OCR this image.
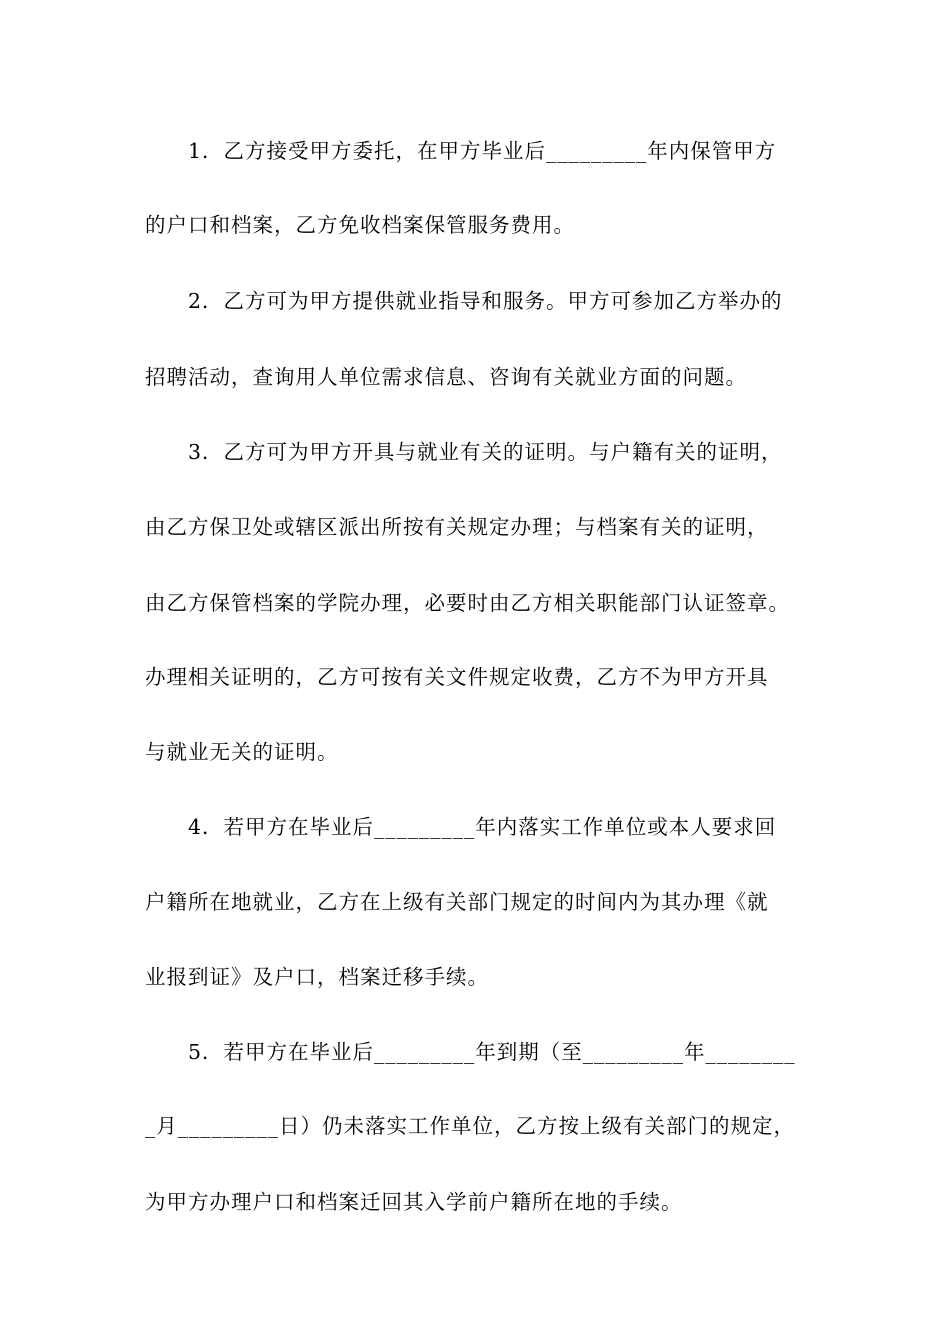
　　1．乙方接受甲方委托，在甲方毕业后_________年内保管甲方
的户口和档案，乙方免收档案保管服务费用。
　　2．乙方可为甲方提供就业指导和服务。甲方可参加乙方举办的
招聘活动，查询用人单位需求信息、咨询有关就业方面的问题。
　　3．乙方可为甲方开具与就业有关的证明。与户籍有关的证明，
由乙方保卫处或辖区派出所按有关规定办理；与档案有关的证明，
由乙方保管档案的学院办理，必要时由乙方相关职能部门认证签章。
办理相关证明的，乙方可按有关文件规定收费，乙方不为甲方开具
与就业无关的证明。
　　4．若甲方在毕业后_________年内落实工作单位或本人要求回
户籍所在地就业，乙方在上级有关部门规定的时间内为其办理《就
业报到证》及户口，档案迁移手续。
　　5．若甲方在毕业后_________年到期（至_________年________
_月_________日）仍未落实工作单位，乙方按上级有关部门的规定，
为甲方办理户口和档案迁回其入学前户籍所在地的手续。
